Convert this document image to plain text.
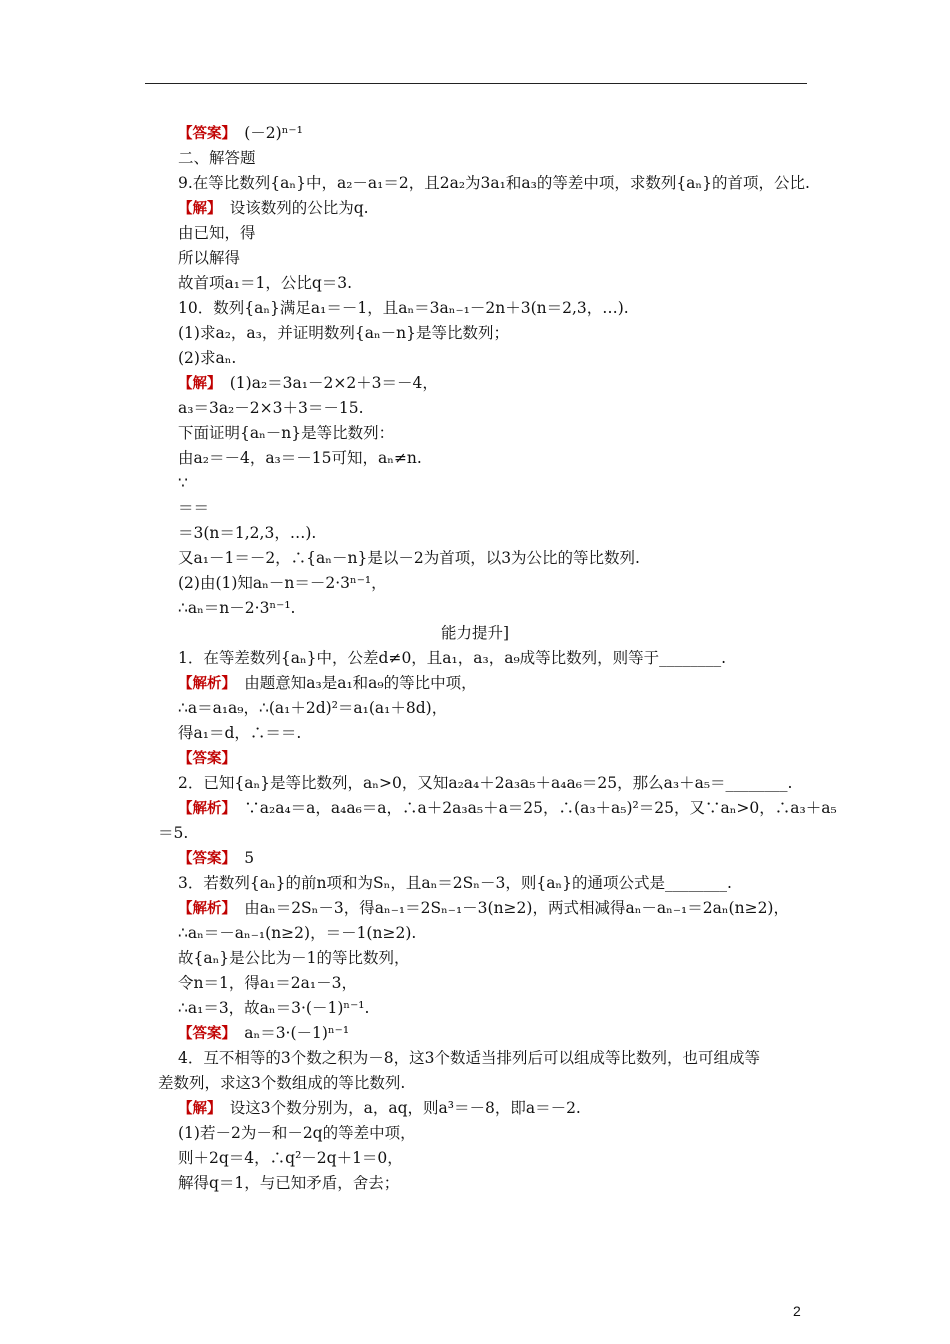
【答案】　(－2)ⁿ⁻¹
二、解答题
9.在等比数列{aₙ}中，a₂－a₁＝2，且2a₂为3a₁和a₃的等差中项，求数列{aₙ}的首项，公比.
【解】　设该数列的公比为q.
由已知，得
所以解得
故首项a₁＝1，公比q＝3.
10．数列{aₙ}满足a₁＝－1，且aₙ＝3aₙ₋₁－2n＋3(n＝2,3，…).
(1)求a₂，a₃，并证明数列{aₙ－n}是等比数列；
(2)求aₙ.
【解】　(1)a₂＝3a₁－2×2＋3＝－4，
a₃＝3a₂－2×3＋3＝－15.
下面证明{aₙ－n}是等比数列：
由a₂＝－4，a₃＝－15可知，aₙ≠n.
∵
＝＝
＝3(n＝1,2,3，…).
又a₁－1＝－2，∴{aₙ－n}是以－2为首项，以3为公比的等比数列.
(2)由(1)知aₙ－n＝－2·3ⁿ⁻¹，
∴aₙ＝n－2·3ⁿ⁻¹.
能力提升]
1．在等差数列{aₙ}中，公差d≠0，且a₁，a₃，a₉成等比数列，则等于________.
【解析】　由题意知a₃是a₁和a₉的等比中项，
∴a＝a₁a₉，∴(a₁＋2d)²＝a₁(a₁＋8d)，
得a₁＝d，∴＝＝.
【答案】
2．已知{aₙ}是等比数列，aₙ>0，又知a₂a₄＋2a₃a₅＋a₄a₆＝25，那么a₃＋a₅＝________.
【解析】　∵a₂a₄＝a，a₄a₆＝a，∴a＋2a₃a₅＋a＝25，∴(a₃＋a₅)²＝25，又∵aₙ>0，∴a₃＋a₅
＝5.
【答案】　5
3．若数列{aₙ}的前n项和为Sₙ，且aₙ＝2Sₙ－3，则{aₙ}的通项公式是________.
【解析】　由aₙ＝2Sₙ－3，得aₙ₋₁＝2Sₙ₋₁－3(n≥2)，两式相减得aₙ－aₙ₋₁＝2aₙ(n≥2)，
∴aₙ＝－aₙ₋₁(n≥2)，＝－1(n≥2).
故{aₙ}是公比为－1的等比数列，
令n＝1，得a₁＝2a₁－3，
∴a₁＝3，故aₙ＝3·(－1)ⁿ⁻¹.
【答案】　aₙ＝3·(－1)ⁿ⁻¹
4．互不相等的3个数之积为－8，这3个数适当排列后可以组成等比数列，也可组成等
差数列，求这3个数组成的等比数列.
【解】　设这3个数分别为，a，aq，则a³＝－8，即a＝－2.
(1)若－2为－和－2q的等差中项，
则＋2q＝4，∴q²－2q＋1＝0，
解得q＝1，与已知矛盾，舍去；
2
